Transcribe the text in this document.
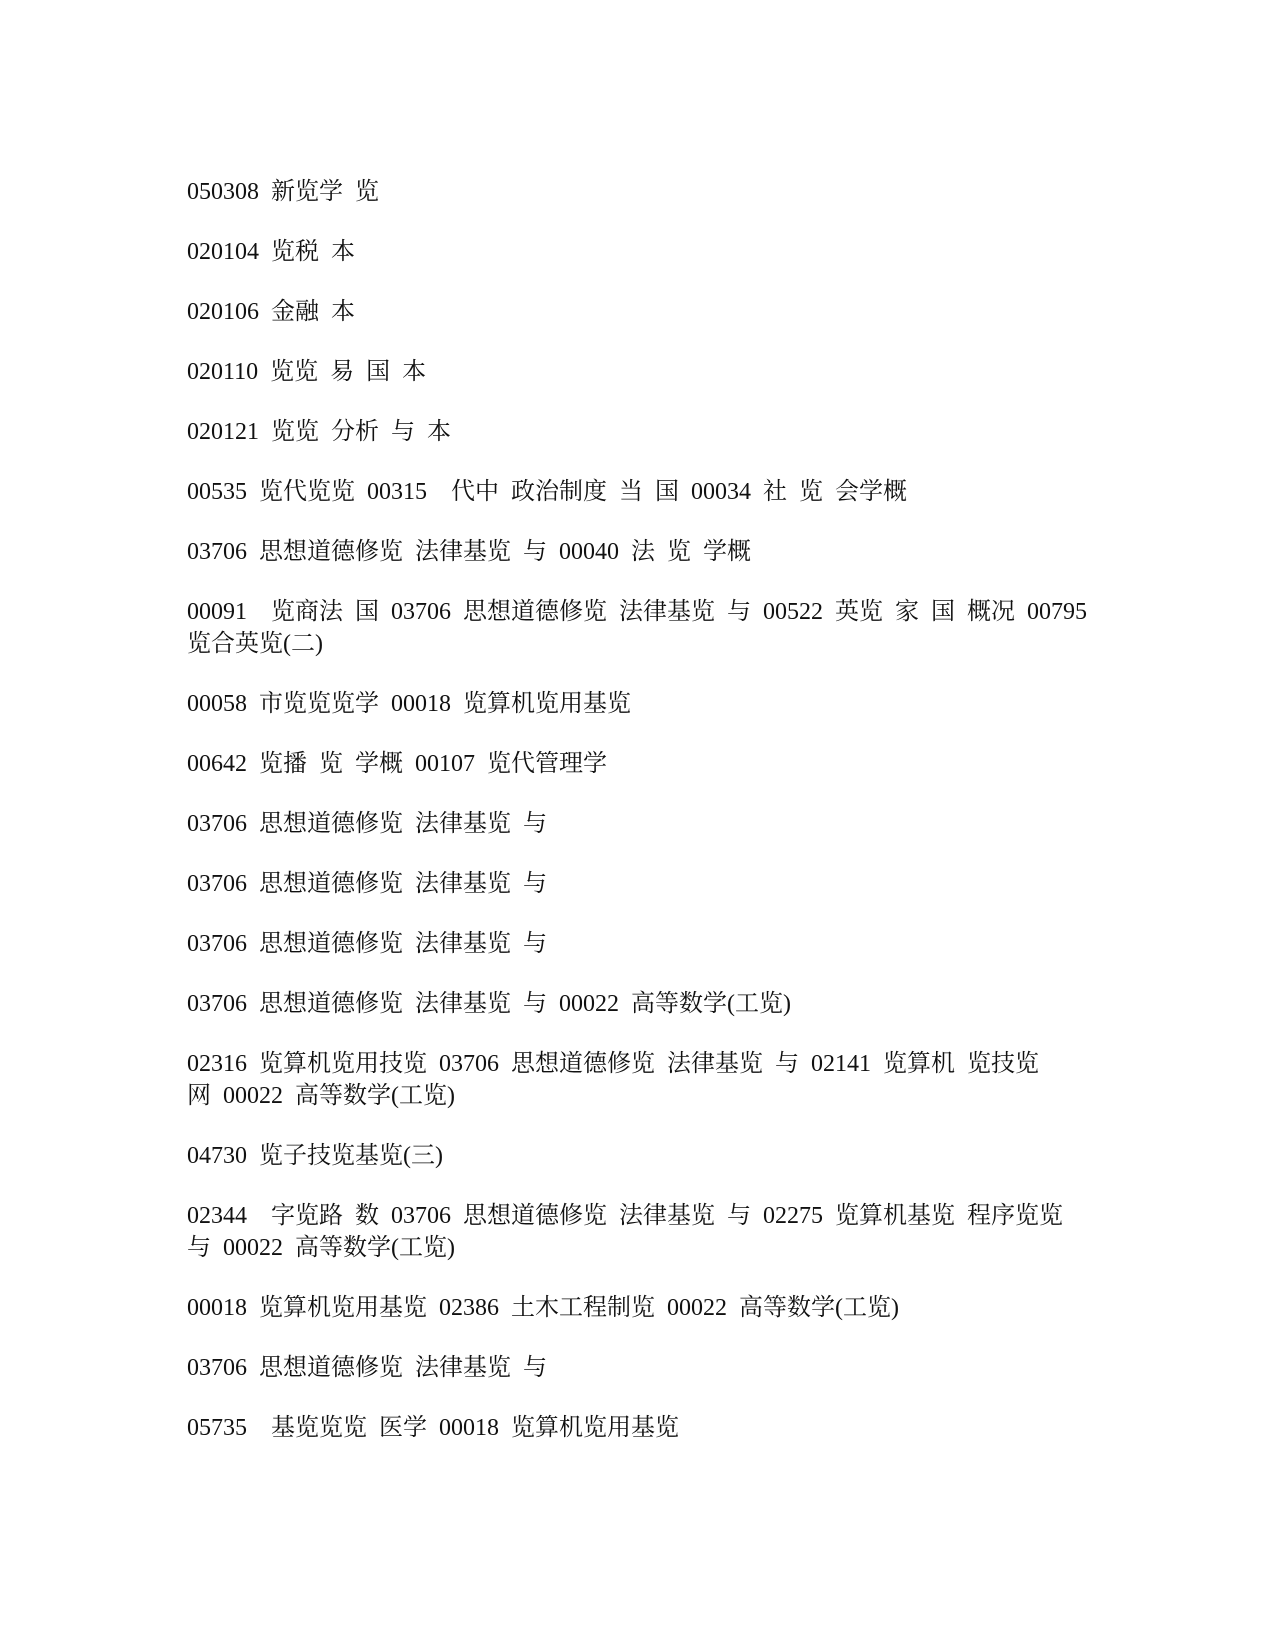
050308  新览学  览

020104  览税  本

020106  金融  本

020110  览览  易  国  本

020121  览览  分析  与  本

00535  览代览览  00315    代中  政治制度  当  国  00034  社  览  会学概

03706  思想道德修览  法律基览  与  00040  法  览  学概

00091    览商法  国  03706  思想道德修览  法律基览  与  00522  英览  家  国  概况  00795
览合英览(二)

00058  市览览览学  00018  览算机览用基览

00642  览播  览  学概  00107  览代管理学

03706  思想道德修览  法律基览  与

03706  思想道德修览  法律基览  与

03706  思想道德修览  法律基览  与

03706  思想道德修览  法律基览  与  00022  高等数学(工览)

02316  览算机览用技览  03706  思想道德修览  法律基览  与  02141  览算机  览技览
网  00022  高等数学(工览)

04730  览子技览基览(三)

02344    字览路  数  03706  思想道德修览  法律基览  与  02275  览算机基览  程序览览
与  00022  高等数学(工览)

00018  览算机览用基览  02386  土木工程制览  00022  高等数学(工览)

03706  思想道德修览  法律基览  与

05735    基览览览  医学  00018  览算机览用基览
